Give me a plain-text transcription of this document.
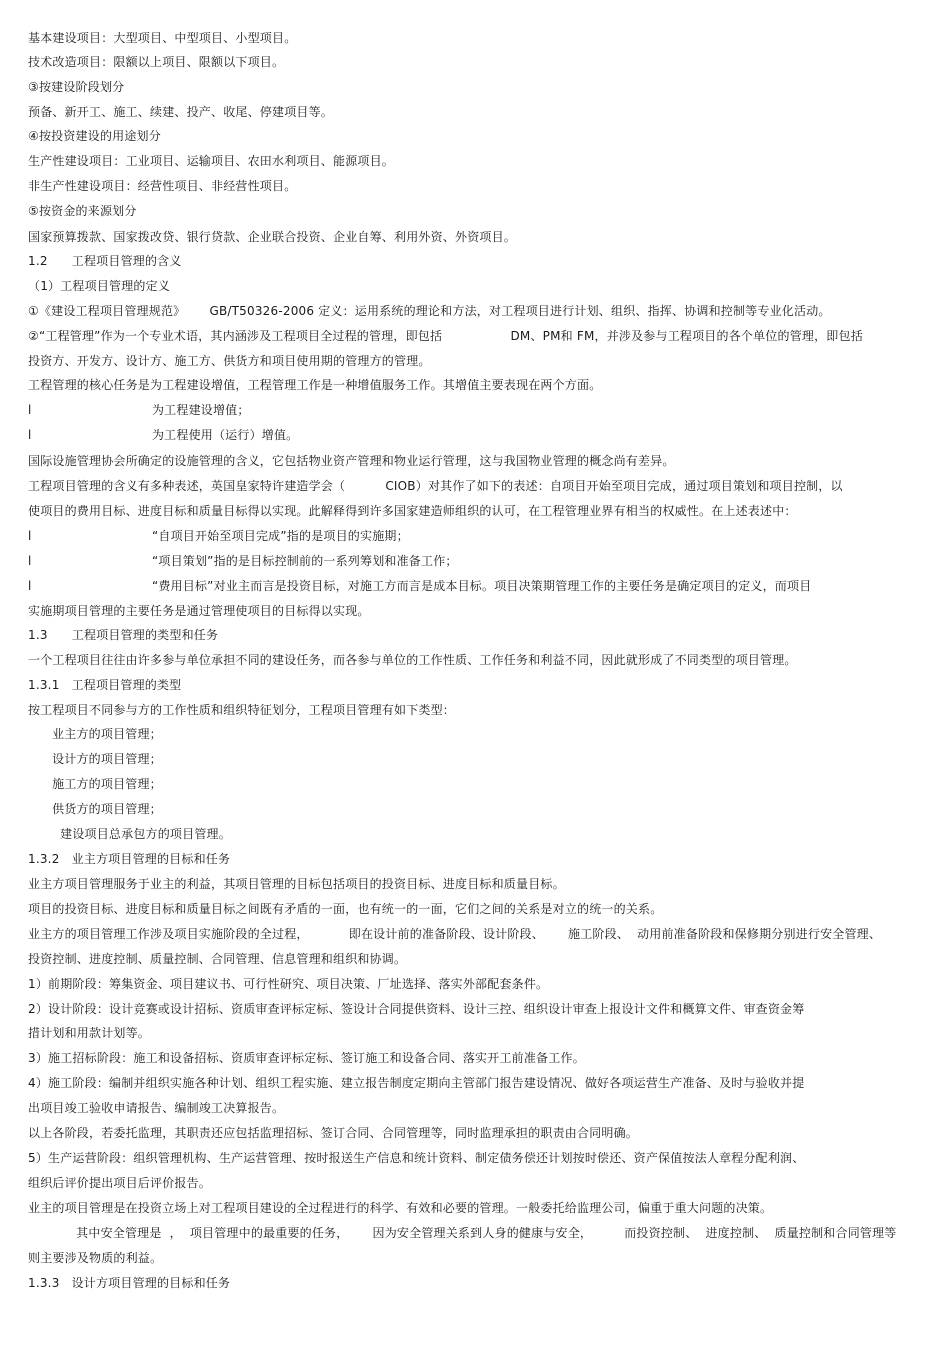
基本建设项目：大型项目、中型项目、小型项目。
技术改造项目：限额以上项目、限额以下项目。
③按建设阶段划分
预备、新开工、施工、续建、投产、收尾、停建项目等。
④按投资建设的用途划分
生产性建设项目：工业项目、运输项目、农田水利项目、能源项目。
非生产性建设项目：经营性项目、非经营性项目。
⑤按资金的来源划分
国家预算拨款、国家拨改贷、银行贷款、企业联合投资、企业自筹、利用外资、外资项目。
1.2      工程项目管理的含义
（1）工程项目管理的定义
①《建设工程项目管理规范》      GB/T50326-2006 定义：运用系统的理论和方法，对工程项目进行计划、组织、指挥、协调和控制等专业化活动。
②“工程管理”作为一个专业术语，其内涵涉及工程项目全过程的管理，即包括                 DM、PM和 FM，并涉及参与工程项目的各个单位的管理，即包括
投资方、开发方、设计方、施工方、供货方和项目使用期的管理方的管理。
工程管理的核心任务是为工程建设增值，工程管理工作是一种增值服务工作。其增值主要表现在两个方面。
l                              为工程建设增值；
l                              为工程使用（运行）增值。
国际设施管理协会所确定的设施管理的含义，它包括物业资产管理和物业运行管理，这与我国物业管理的概念尚有差异。
工程项目管理的含义有多种表述，英国皇家特许建造学会（          CIOB）对其作了如下的表述：自项目开始至项目完成，通过项目策划和项目控制，以
使项目的费用目标、进度目标和质量目标得以实现。此解释得到许多国家建造师组织的认可，在工程管理业界有相当的权威性。在上述表述中：
l                              “自项目开始至项目完成”指的是项目的实施期；
l                              “项目策划”指的是目标控制前的一系列筹划和准备工作；
l                              “费用目标”对业主而言是投资目标，对施工方而言是成本目标。项目决策期管理工作的主要任务是确定项目的定义，而项目
实施期项目管理的主要任务是通过管理使项目的目标得以实现。
1.3      工程项目管理的类型和任务
一个工程项目往往由许多参与单位承担不同的建设任务，而各参与单位的工作性质、工作任务和利益不同，因此就形成了不同类型的项目管理。
1.3.1   工程项目管理的类型
按工程项目不同参与方的工作性质和组织特征划分，工程项目管理有如下类型：
业主方的项目管理；
设计方的项目管理；
施工方的项目管理；
供货方的项目管理；
建设项目总承包方的项目管理。
1.3.2   业主方项目管理的目标和任务
业主方项目管理服务于业主的利益，其项目管理的目标包括项目的投资目标、进度目标和质量目标。
项目的投资目标、进度目标和质量目标之间既有矛盾的一面，也有统一的一面，它们之间的关系是对立的统一的关系。
业主方的项目管理工作涉及项目实施阶段的全过程，          即在设计前的准备阶段、设计阶段、      施工阶段、  动用前准备阶段和保修期分别进行安全管理、
投资控制、进度控制、质量控制、合同管理、信息管理和组织和协调。
1）前期阶段：筹集资金、项目建议书、可行性研究、项目决策、厂址选择、落实外部配套条件。
2）设计阶段：设计竞赛或设计招标、资质审查评标定标、签设计合同提供资料、设计三控、组织设计审查上报设计文件和概算文件、审查资金筹
措计划和用款计划等。
3）施工招标阶段：施工和设备招标、资质审查评标定标、签订施工和设备合同、落实开工前准备工作。
4）施工阶段：编制并组织实施各种计划、组织工程实施、建立报告制度定期向主管部门报告建设情况、做好各项运营生产准备、及时与验收并提
出项目竣工验收申请报告、编制竣工决算报告。
以上各阶段，若委托监理，其职责还应包括监理招标、签订合同、合同管理等，同时监理承担的职责由合同明确。
5）生产运营阶段：组织管理机构、生产运营管理、按时报送生产信息和统计资料、制定债务偿还计划按时偿还、资产保值按法人章程分配利润、
组织后评价提出项目后评价报告。
业主的项目管理是在投资立场上对工程项目建设的全过程进行的科学、有效和必要的管理。一般委托给监理公司，偏重于重大问题的决策。
其中安全管理是  ，  项目管理中的最重要的任务，      因为安全管理关系到人身的健康与安全，        而投资控制、  进度控制、  质量控制和合同管理等
则主要涉及物质的利益。
1.3.3   设计方项目管理的目标和任务
